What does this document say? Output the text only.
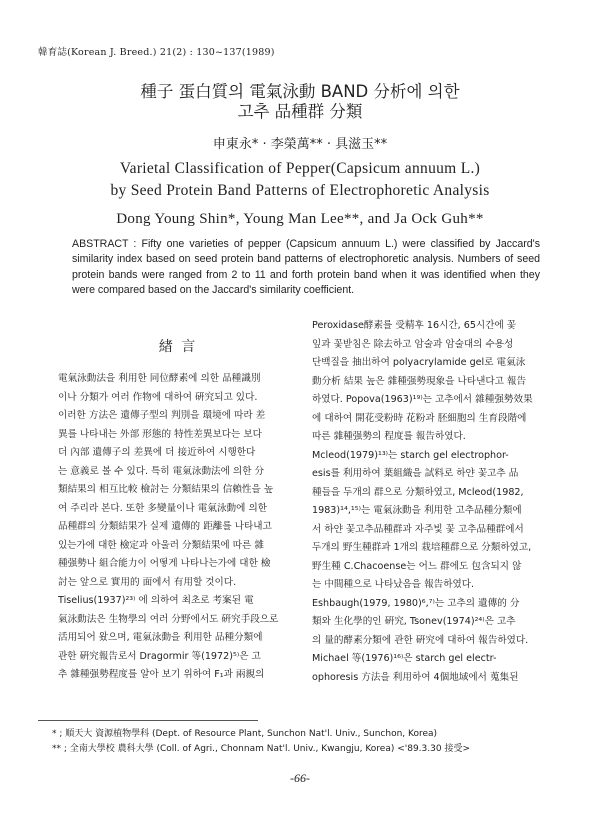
韓育誌(Korean J. Breed.) 21(2) : 130~137(1989)
種子 蛋白質의 電氣泳動 BAND 分析에 의한
고추 品種群 分類
申東永* · 李榮萬** · 具滋玉**
Varietal Classification of Pepper(Capsicum annuum L.)
by Seed Protein Band Patterns of Electrophoretic Analysis
Dong Young Shin*, Young Man Lee**, and Ja Ock Guh**

ABSTRACT : Fifty one varieties of pepper (Capsicum annuum L.) were classified by Jaccard's similarity index based on seed protein band patterns of electrophoretic analysis. Numbers of seed protein bands were ranged from 2 to 11 and forth protein band when it was identified when they were compared based on the Jaccard's similarity coefficient.

緖 言

電氣泳動法을 利用한 同位酵素에 의한 品種識別

이나 分類가 여러 作物에 대하여 硏究되고 있다.

이러한 方法은 遺傳子型의 判別을 環境에 따라 差

異를 나타내는 外部 形態的 特性差異보다는 보다

더 內部 遺傳子의 差異에 더 接近하여 시행한다

는 意義로 볼 수 있다. 특히 電氣泳動法에 의한 分

類結果의 相互比較 檢討는 分類結果의 信賴性을 높

여 주리라 본다. 또한 多變量이나 電氣泳動에 의한

品種群의 分類結果가 실제 遺傳的 距離를 나타내고

있는가에 대한 檢定과 아울러 分類結果에 따른 雜

種强勢나 組合能力이 어떻게 나타나는가에 대한 檢

討는 앞으로 實用的 面에서 有用할 것이다.

Tiselius(1937)²³⁾ 에 의하여 최초로 考案된 電

氣泳動法은 生物學의 여러 分野에서도 硏究手段으로

活用되어 왔으며, 電氣泳動을 利用한 品種分類에

관한 硏究報告로서 Dragormir 等(1972)⁵⁾은 고

추 雜種强勢程度를 알아 보기 위하여 F₁과 兩親의

Peroxidase酵素를 受精후 16시간, 65시간에 꽃

잎과 꽃받침은 除去하고 암술과 암술대의 수용성

단백질을 抽出하여 polyacrylamide gel로 電氣泳

動分析 結果 높은 雜種强勢現象을 나타낸다고 報告

하였다. Popova(1963)¹⁹⁾는 고추에서 雜種强勢效果

에 대하여 開花受粉時 花粉과 胚細胞의 生育段階에

따른 雜種强勢의 程度를 報告하였다.

Mcleod(1979)¹³⁾는 starch gel electrophor-

esis를 利用하여 葉組織을 試料로 하얀 꽃고추 品

種들을 두개의 群으로 分類하였고, Mcleod(1982,

1983)¹⁴,¹⁵⁾는 電氣泳動을 利用한 고추品種分類에

서 하얀 꽃고추品種群과 자주빛 꽃 고추品種群에서

두개의 野生種群과 1개의 栽培種群으로 分類하였고,

野生種 C.Chacoense는 어느 群에도 包含되지 않

는 中間種으로 나타났음을 報告하였다.

Eshbaugh(1979, 1980)⁶,⁷⁾는 고추의 遺傳的 分

類와 生化學的인 硏究, Tsonev(1974)²⁴⁾은 고추

의 量的酵素分類에 관한 硏究에 대하여 報告하였다.

Michael 等(1976)¹⁶⁾은 starch gel electr-

ophoresis 方法을 利用하여 4個地域에서 蒐集된

* ; 順天大 資源植物學科 (Dept. of Resource Plant, Sunchon Nat'l. Univ., Sunchon, Korea)
** ; 全南大學校 農科大學 (Coll. of Agri., Chonnam Nat'l. Univ., Kwangju, Korea) <'89.3.30 接受>
-66-
